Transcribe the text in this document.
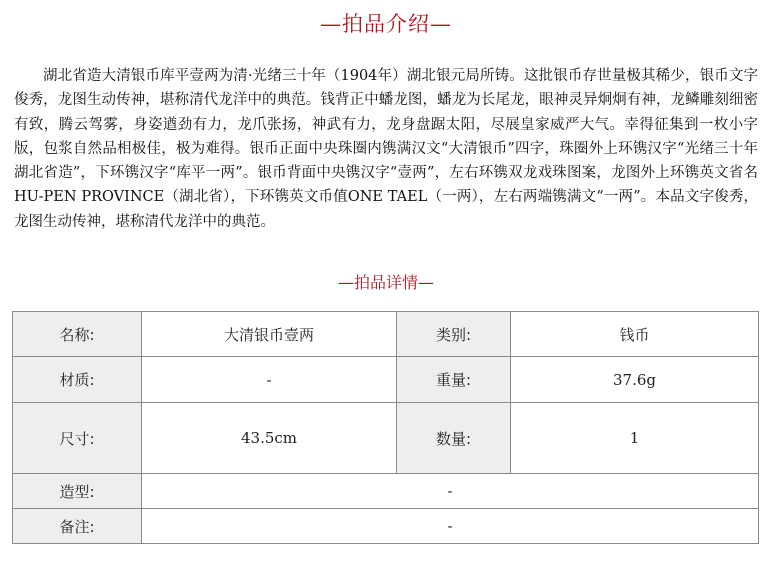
—拍品介绍—

湖北省造大清银币库平壹两为清·光绪三十年（1904年）湖北银元局所铸。这批银币存世量极其稀少，银币文字俊秀，龙图生动传神，堪称清代龙洋中的典范。钱背正中蟠龙图，蟠龙为长尾龙，眼神灵异炯炯有神，龙鳞雕刻细密有致，腾云驾雾，身姿遒劲有力，龙爪张扬，神武有力，龙身盘踞太阳，尽展皇家威严大气。幸得征集到一枚小字版，包浆自然品相极佳，极为难得。银币正面中央珠圈内镌满汉文“大清银币”四字，珠圈外上环镌汉字“光绪三十年湖北省造”，下环镌汉字“库平一两”。银币背面中央镌汉字“壹两”，左右环镌双龙戏珠图案，龙图外上环镌英文省名HU-PEN PROVINCE（湖北省），下环镌英文币值ONE TAEL（一两），左右两端镌满文“一两”。本品文字俊秀，龙图生动传神，堪称清代龙洋中的典范。

—拍品详情—
名称:	大清银币壹两	类别:	钱币
材质:	-	重量:	37.6g
尺寸:	43.5cm	数量:	1
造型:	-		
备注:	-		
